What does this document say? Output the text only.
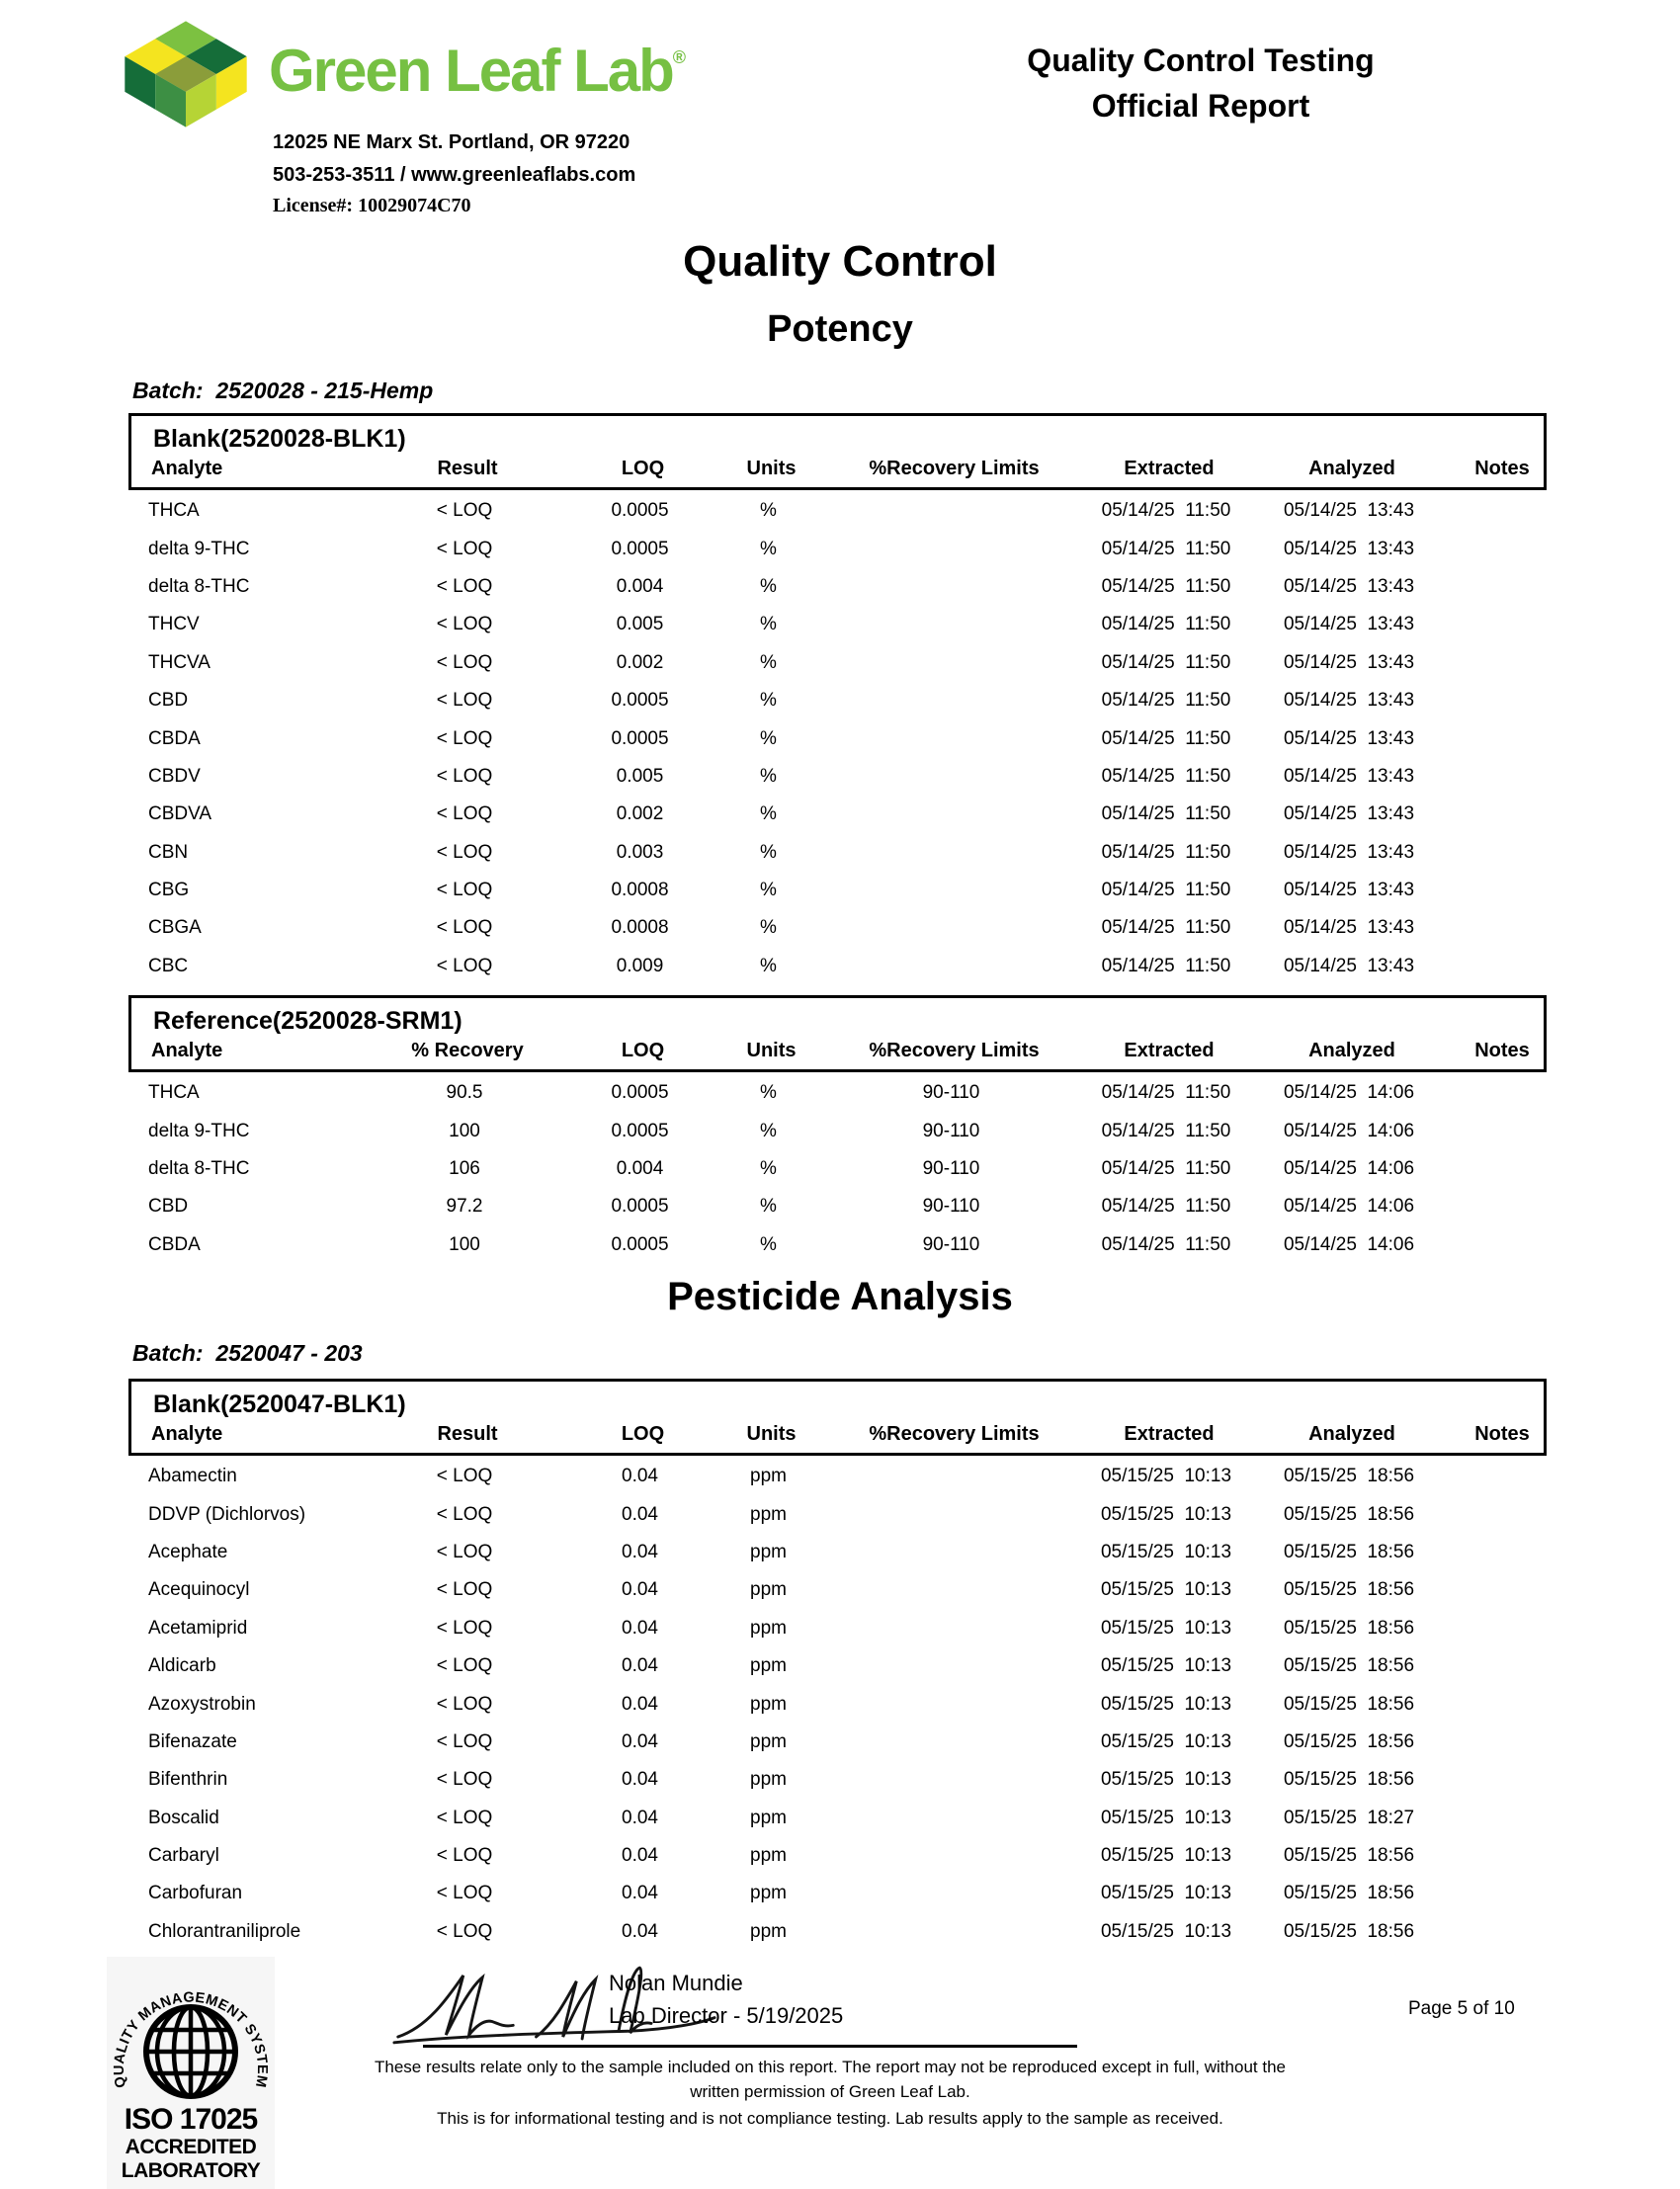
Green Leaf Lab®
12025 NE Marx St. Portland, OR 97220
503-253-3511 / www.greenleaflabs.com
License#: 10029074C70
Quality Control Testing
Official Report
Quality Control
Potency
Batch: 2520028 - 215-Hemp
Blank(2520028-BLK1)
Analyte	Result	LOQ	Units	%Recovery Limits	Extracted	Analyzed	Notes
THCA	< LOQ	0.0005	%	05/14/25  11:50	05/14/25  13:43
delta 9-THC	< LOQ	0.0005	%	05/14/25  11:50	05/14/25  13:43
delta 8-THC	< LOQ	0.004	%	05/14/25  11:50	05/14/25  13:43
THCV	< LOQ	0.005	%	05/14/25  11:50	05/14/25  13:43
THCVA	< LOQ	0.002	%	05/14/25  11:50	05/14/25  13:43
CBD	< LOQ	0.0005	%	05/14/25  11:50	05/14/25  13:43
CBDA	< LOQ	0.0005	%	05/14/25  11:50	05/14/25  13:43
CBDV	< LOQ	0.005	%	05/14/25  11:50	05/14/25  13:43
CBDVA	< LOQ	0.002	%	05/14/25  11:50	05/14/25  13:43
CBN	< LOQ	0.003	%	05/14/25  11:50	05/14/25  13:43
CBG	< LOQ	0.0008	%	05/14/25  11:50	05/14/25  13:43
CBGA	< LOQ	0.0008	%	05/14/25  11:50	05/14/25  13:43
CBC	< LOQ	0.009	%	05/14/25  11:50	05/14/25  13:43
Reference(2520028-SRM1)
Analyte	% Recovery	LOQ	Units	%Recovery Limits	Extracted	Analyzed	Notes
THCA	90.5	0.0005	%	90-110	05/14/25  11:50	05/14/25  14:06
delta 9-THC	100	0.0005	%	90-110	05/14/25  11:50	05/14/25  14:06
delta 8-THC	106	0.004	%	90-110	05/14/25  11:50	05/14/25  14:06
CBD	97.2	0.0005	%	90-110	05/14/25  11:50	05/14/25  14:06
CBDA	100	0.0005	%	90-110	05/14/25  11:50	05/14/25  14:06
Pesticide Analysis
Batch: 2520047 - 203
Blank(2520047-BLK1)
Analyte	Result	LOQ	Units	%Recovery Limits	Extracted	Analyzed	Notes
Abamectin	< LOQ	0.04	ppm	05/15/25  10:13	05/15/25  18:56
DDVP (Dichlorvos)	< LOQ	0.04	ppm	05/15/25  10:13	05/15/25  18:56
Acephate	< LOQ	0.04	ppm	05/15/25  10:13	05/15/25  18:56
Acequinocyl	< LOQ	0.04	ppm	05/15/25  10:13	05/15/25  18:56
Acetamiprid	< LOQ	0.04	ppm	05/15/25  10:13	05/15/25  18:56
Aldicarb	< LOQ	0.04	ppm	05/15/25  10:13	05/15/25  18:56
Azoxystrobin	< LOQ	0.04	ppm	05/15/25  10:13	05/15/25  18:56
Bifenazate	< LOQ	0.04	ppm	05/15/25  10:13	05/15/25  18:56
Bifenthrin	< LOQ	0.04	ppm	05/15/25  10:13	05/15/25  18:56
Boscalid	< LOQ	0.04	ppm	05/15/25  10:13	05/15/25  18:27
Carbaryl	< LOQ	0.04	ppm	05/15/25  10:13	05/15/25  18:56
Carbofuran	< LOQ	0.04	ppm	05/15/25  10:13	05/15/25  18:56
Chlorantraniliprole	< LOQ	0.04	ppm	05/15/25  10:13	05/15/25  18:56
QUALITY MANAGEMENT SYSTEM
ISO 17025
ACCREDITED
LABORATORY
Nolan Mundie
Lab Director - 5/19/2025	Page 5 of 10
These results relate only to the sample included on this report. The report may not be reproduced except in full, without the
written permission of Green Leaf Lab.
This is for informational testing and is not compliance testing. Lab results apply to the sample as received.
